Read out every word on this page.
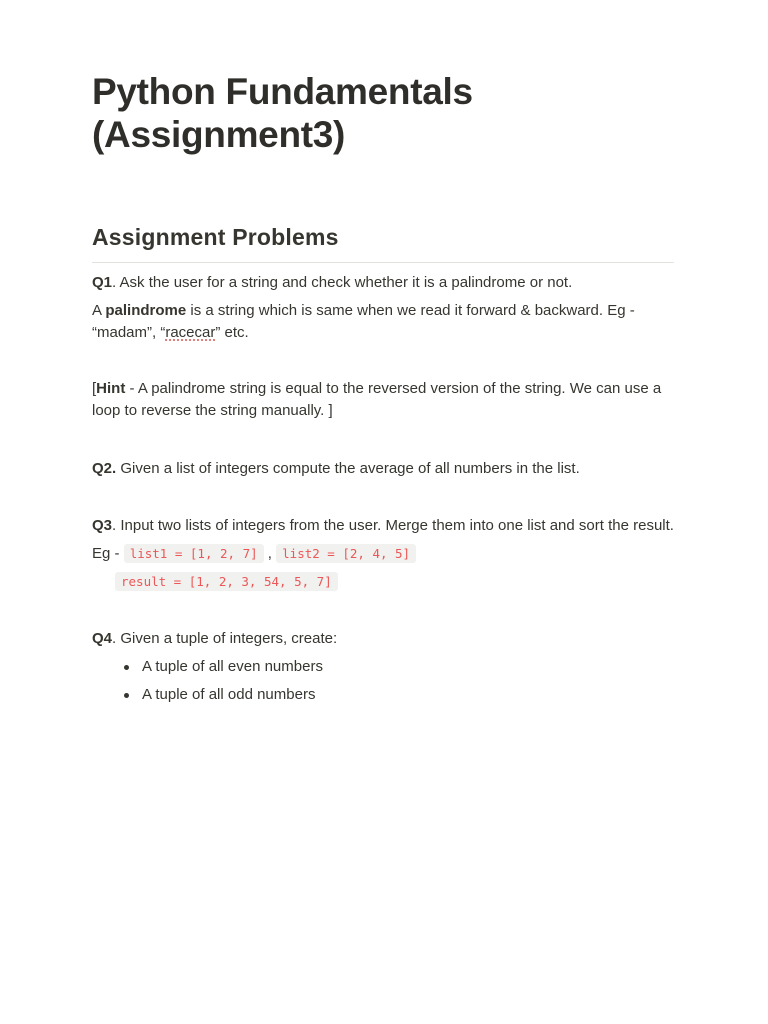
Python Fundamentals
(Assignment3)
Assignment Problems
Q1. Ask the user for a string and check whether it is a palindrome or not.
A palindrome is a string which is same when we read it forward & backward. Eg - “madam”, “racecar” etc.
[Hint - A palindrome string is equal to the reversed version of the string. We can use a loop to reverse the string manually. ]
Q2. Given a list of integers compute the average of all numbers in the list.
Q3. Input two lists of integers from the user. Merge them into one list and sort the result.
Eg - list1 = [1, 2, 7] , list2 = [2, 4, 5]
result = [1, 2, 3, 54, 5, 7]
Q4. Given a tuple of integers, create:
A tuple of all even numbers
A tuple of all odd numbers
